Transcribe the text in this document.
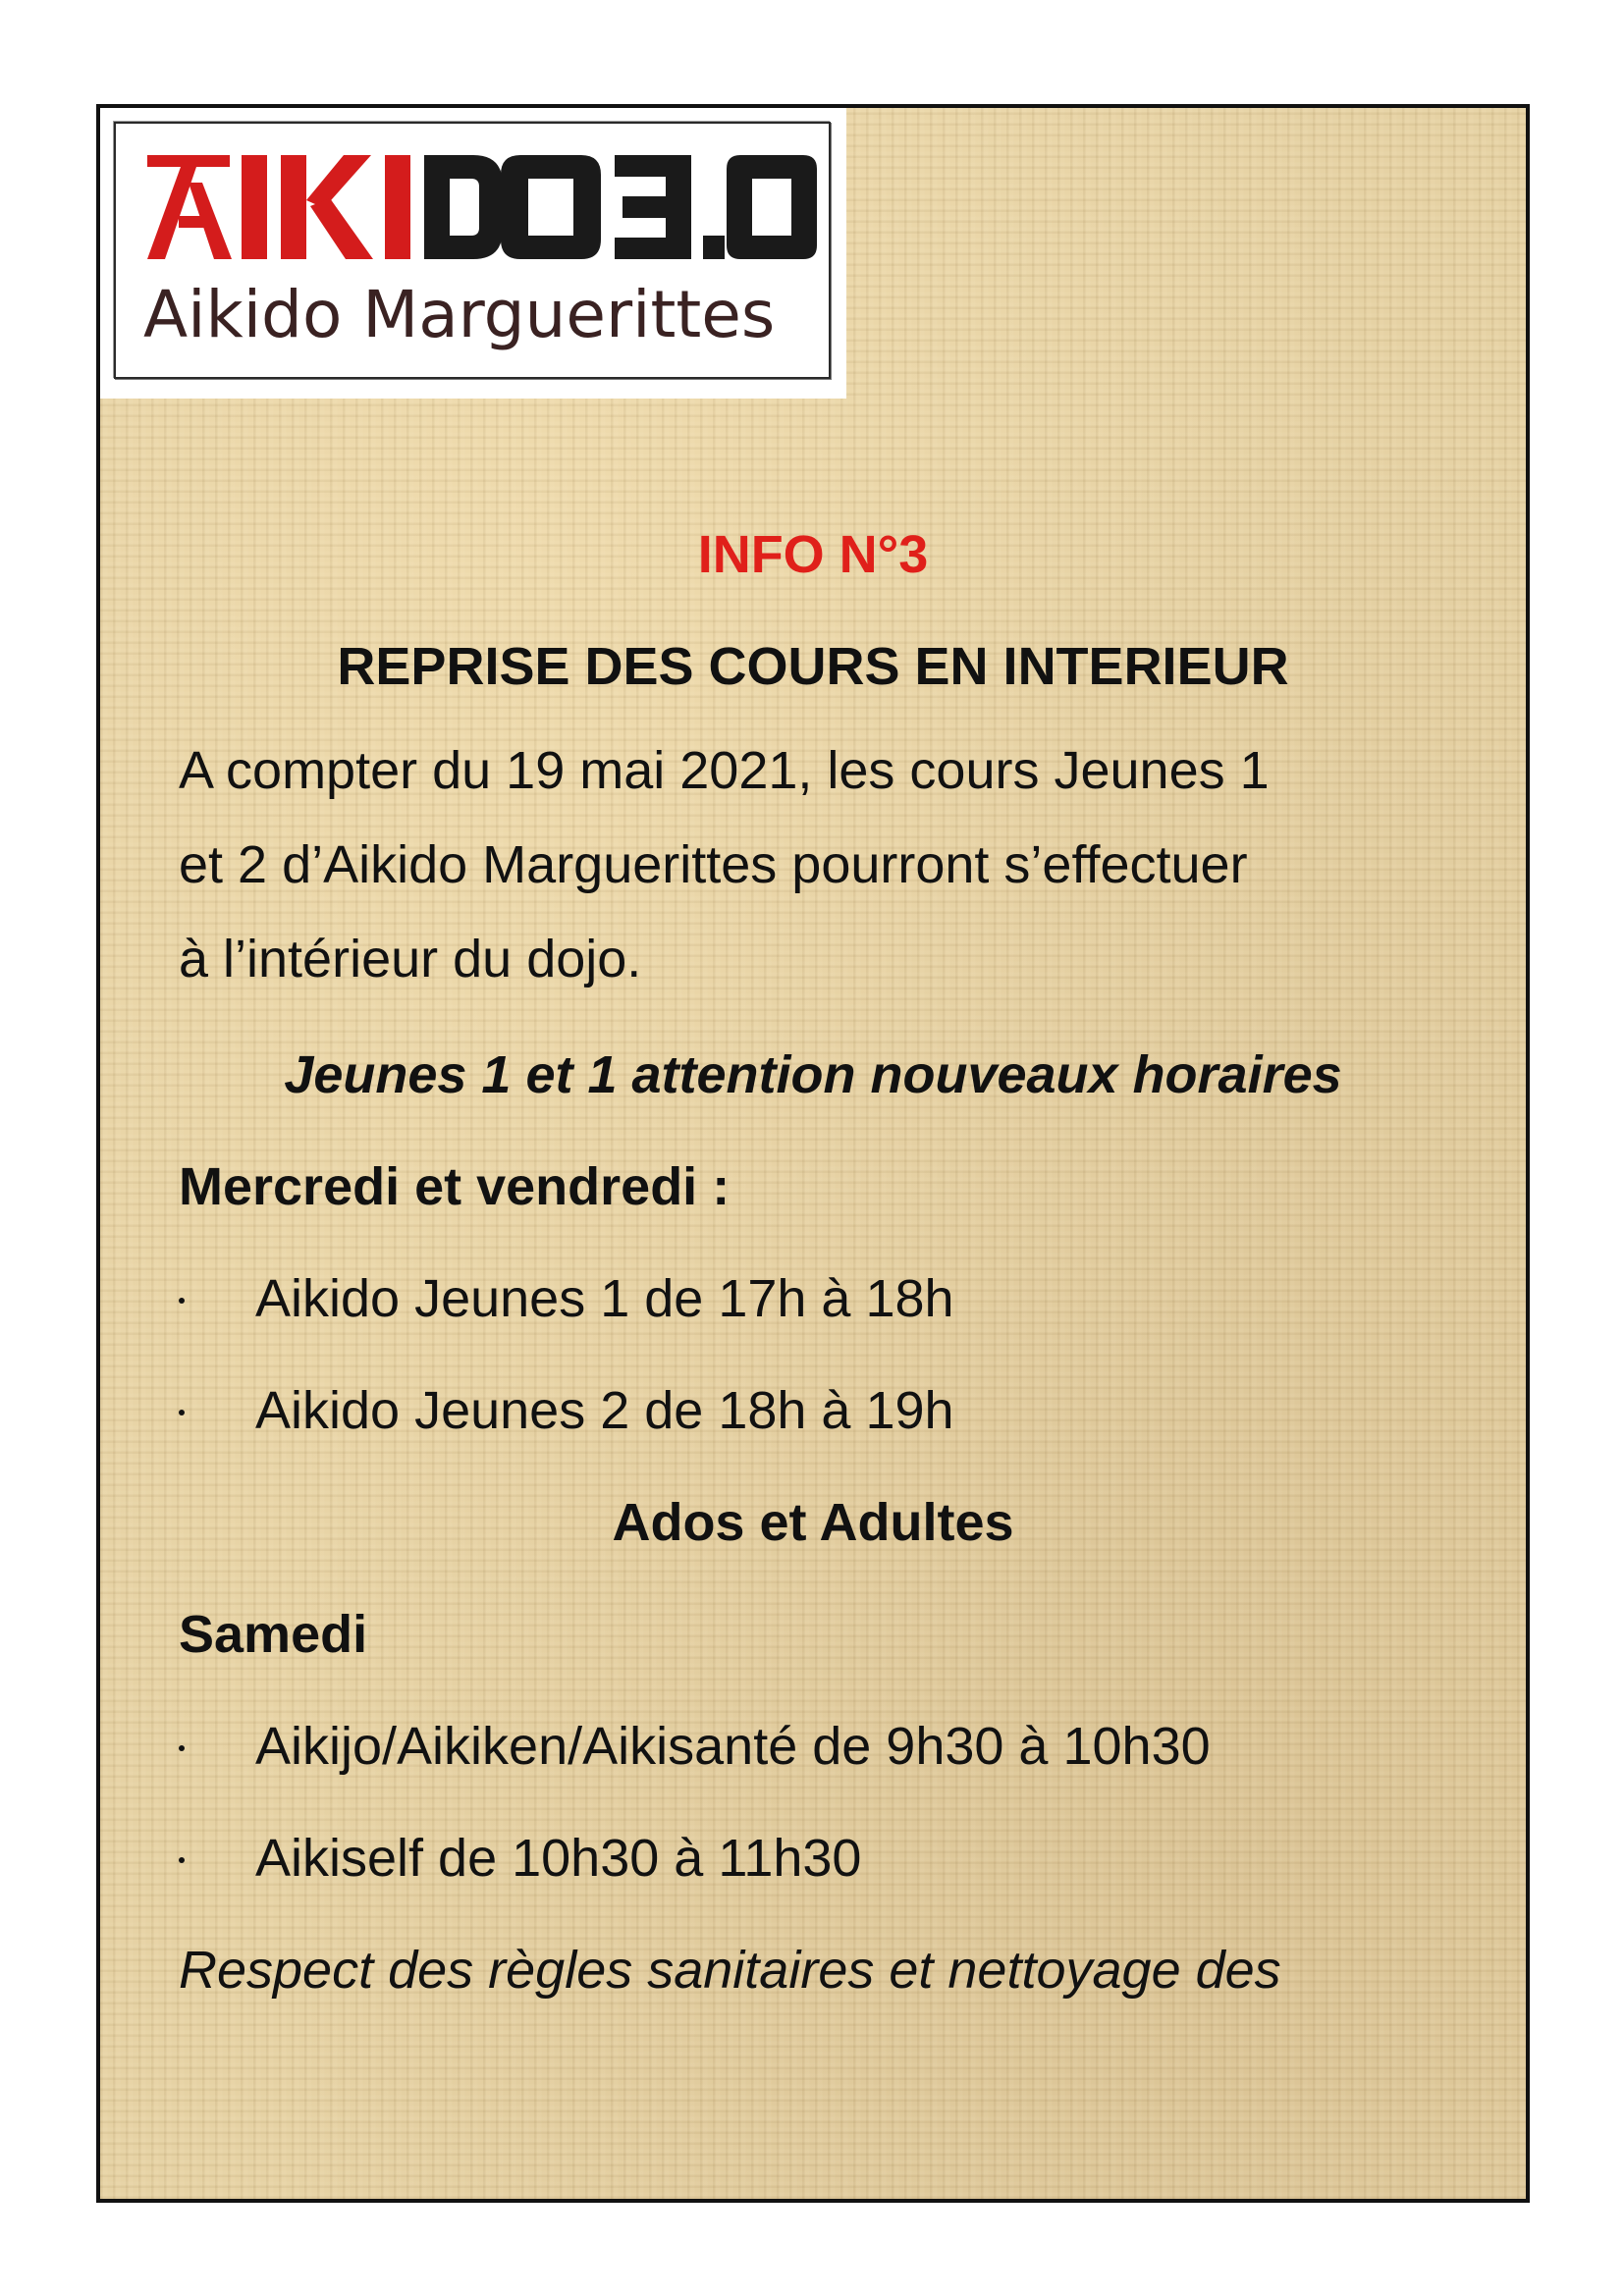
Aikido Marguerittes
INFO N°3
REPRISE DES COURS EN INTERIEUR
A compter du 19 mai 2021, les cours Jeunes 1
et 2 d’Aikido Marguerittes pourront s’effectuer
à l’intérieur du dojo.
Jeunes 1 et 1 attention nouveaux horaires
Mercredi et vendredi :
Aikido Jeunes 1 de 17h à 18h
Aikido Jeunes 2 de 18h à 19h
Ados et Adultes
Samedi
Aikijo/Aikiken/Aikisanté de 9h30 à 10h30
Aikiself de 10h30 à 11h30
Respect des règles sanitaires et nettoyage des
